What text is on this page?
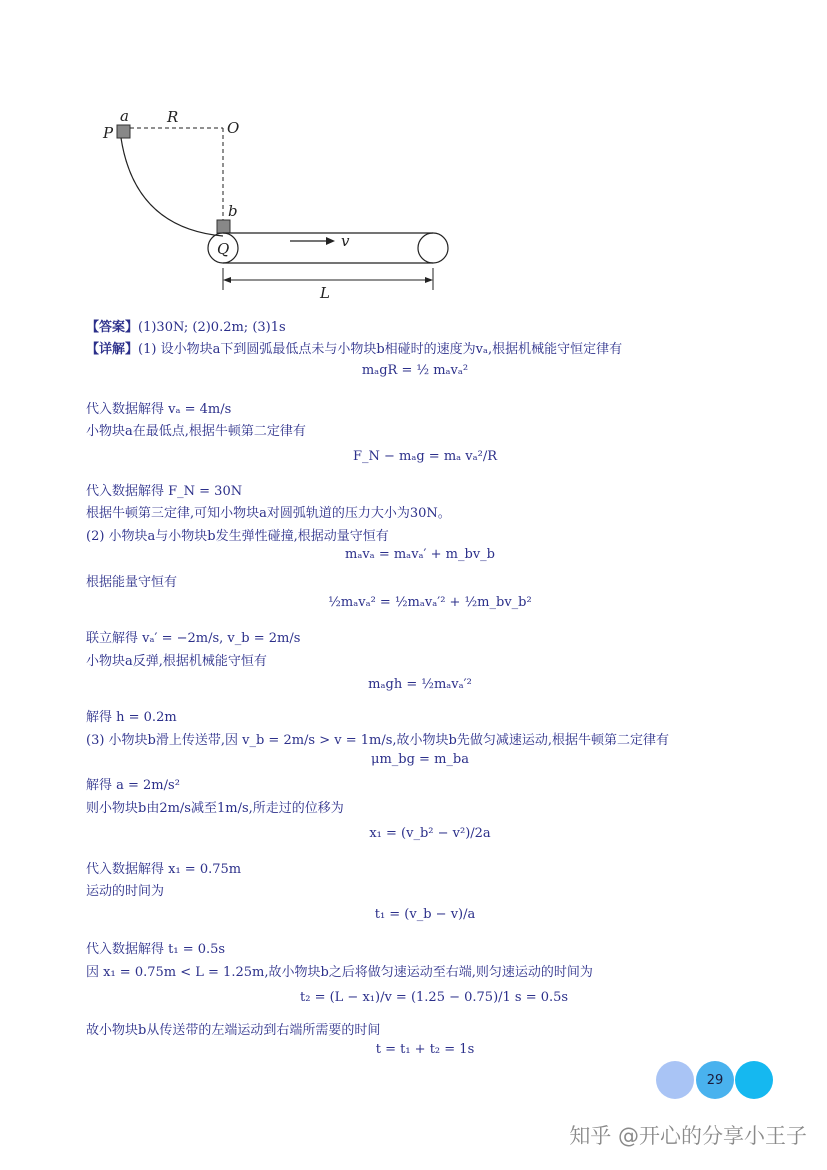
a
P
R
O
b
Q	v
L
【答案】(1)30N; (2)0.2m; (3)1s
【详解】(1) 设小物块a下到圆弧最低点未与小物块b相碰时的速度为vₐ,根据机械能守恒定律有
mₐgR = ½ mₐvₐ²
代入数据解得 vₐ = 4m/s
小物块a在最低点,根据牛顿第二定律有
F_N − mₐg = mₐ vₐ²/R
代入数据解得 F_N = 30N
根据牛顿第三定律,可知小物块a对圆弧轨道的压力大小为30N。
(2) 小物块a与小物块b发生弹性碰撞,根据动量守恒有
mₐvₐ = mₐvₐ′ + m_bv_b
根据能量守恒有
½mₐvₐ² = ½mₐvₐ′² + ½m_bv_b²
联立解得 vₐ′ = −2m/s, v_b = 2m/s
小物块a反弹,根据机械能守恒有
mₐgh = ½mₐvₐ′²
解得 h = 0.2m
(3) 小物块b滑上传送带,因 v_b = 2m/s > v = 1m/s,故小物块b先做匀减速运动,根据牛顿第二定律有
μm_bg = m_ba
解得 a = 2m/s²
则小物块b由2m/s减至1m/s,所走过的位移为
x₁ = (v_b² − v²)/2a
代入数据解得 x₁ = 0.75m
运动的时间为
t₁ = (v_b − v)/a
代入数据解得 t₁ = 0.5s
因 x₁ = 0.75m < L = 1.25m,故小物块b之后将做匀速运动至右端,则匀速运动的时间为
t₂ = (L − x₁)/v = (1.25 − 0.75)/1 s = 0.5s
故小物块b从传送带的左端运动到右端所需要的时间
t = t₁ + t₂ = 1s
29
知乎 @开心的分享小王子
